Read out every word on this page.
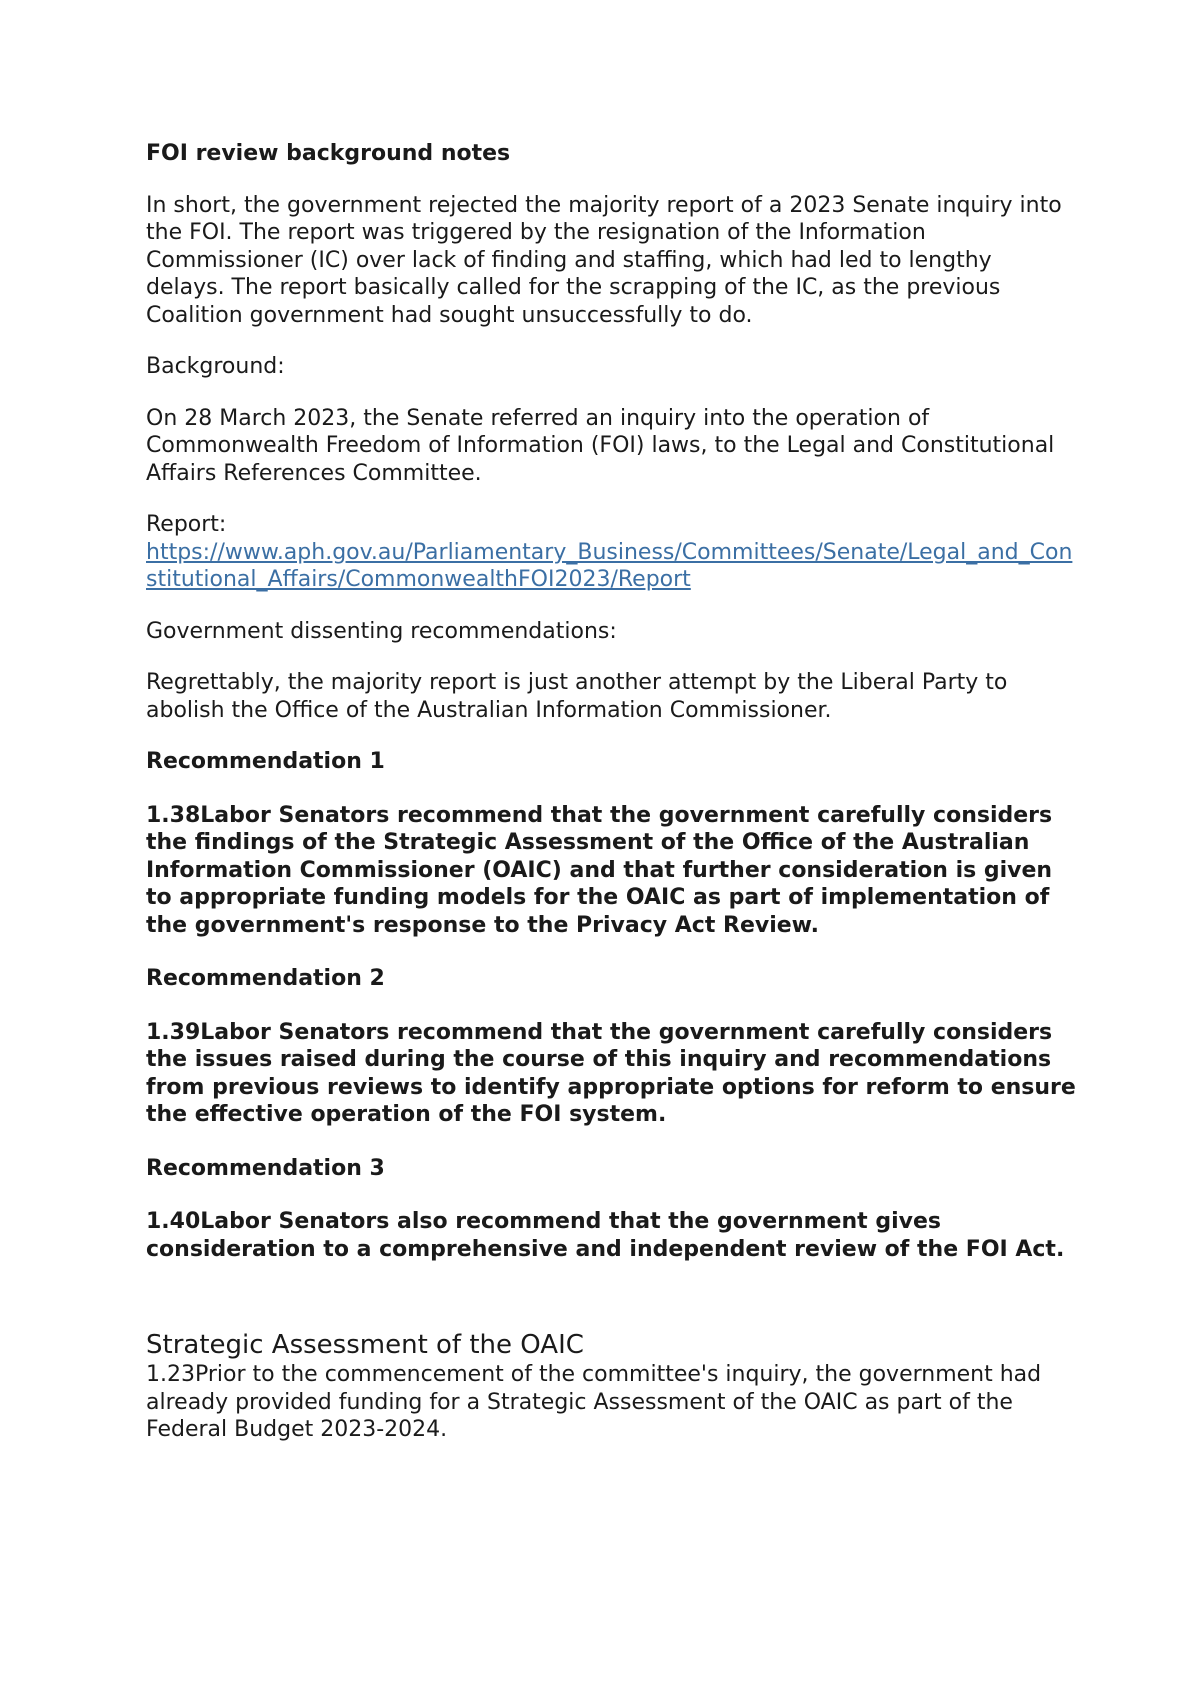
FOI review background notes
In short, the government rejected the majority report of a 2023 Senate inquiry into the FOI. The report was triggered by the resignation of the Information Commissioner (IC) over lack of finding and staffing, which had led to lengthy delays. The report basically called for the scrapping of the IC, as the previous Coalition government had sought unsuccessfully to do.
Background:
On 28 March 2023, the Senate referred an inquiry into the operation of Commonwealth Freedom of Information (FOI) laws, to the Legal and Constitutional Affairs References Committee.
Report:
https://www.aph.gov.au/Parliamentary_Business/Committees/Senate/Legal_and_Constitutional_Affairs/CommonwealthFOI2023/Report
Government dissenting recommendations:
Regrettably, the majority report is just another attempt by the Liberal Party to abolish the Office of the Australian Information Commissioner.
Recommendation 1
1.38Labor Senators recommend that the government carefully considers the findings of the Strategic Assessment of the Office of the Australian Information Commissioner (OAIC) and that further consideration is given to appropriate funding models for the OAIC as part of implementation of the government's response to the Privacy Act Review.
Recommendation 2
1.39Labor Senators recommend that the government carefully considers the issues raised during the course of this inquiry and recommendations from previous reviews to identify appropriate options for reform to ensure the effective operation of the FOI system.
Recommendation 3
1.40Labor Senators also recommend that the government gives consideration to a comprehensive and independent review of the FOI Act.
Strategic Assessment of the OAIC
1.23Prior to the commencement of the committee's inquiry, the government had already provided funding for a Strategic Assessment of the OAIC as part of the Federal Budget 2023-2024.
